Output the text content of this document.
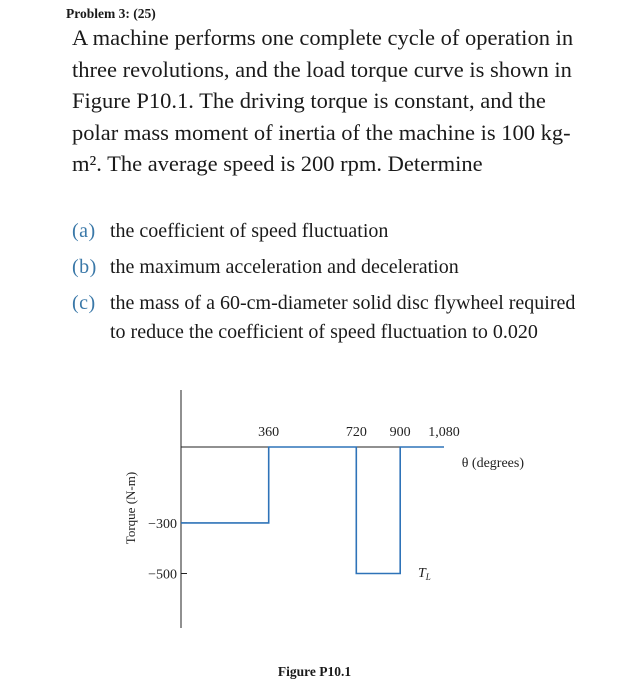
Problem 3: (25)

A machine performs one complete cycle of operation in three revolutions, and the load torque curve is shown in Figure P10.1. The driving torque is constant, and the polar mass moment of inertia of the machine is 100 kg-m². The average speed is 200 rpm. Determine

(a) the coefficient of speed fluctuation
(b) the maximum acceleration and deceleration
(c) the mass of a 60-cm-diameter solid disc flywheel required to reduce the coefficient of speed fluctuation to 0.020
360	720 900 1,080
−300
−500
θ (degrees)
Torque (N-m)
$T_L$
Figure P10.1
